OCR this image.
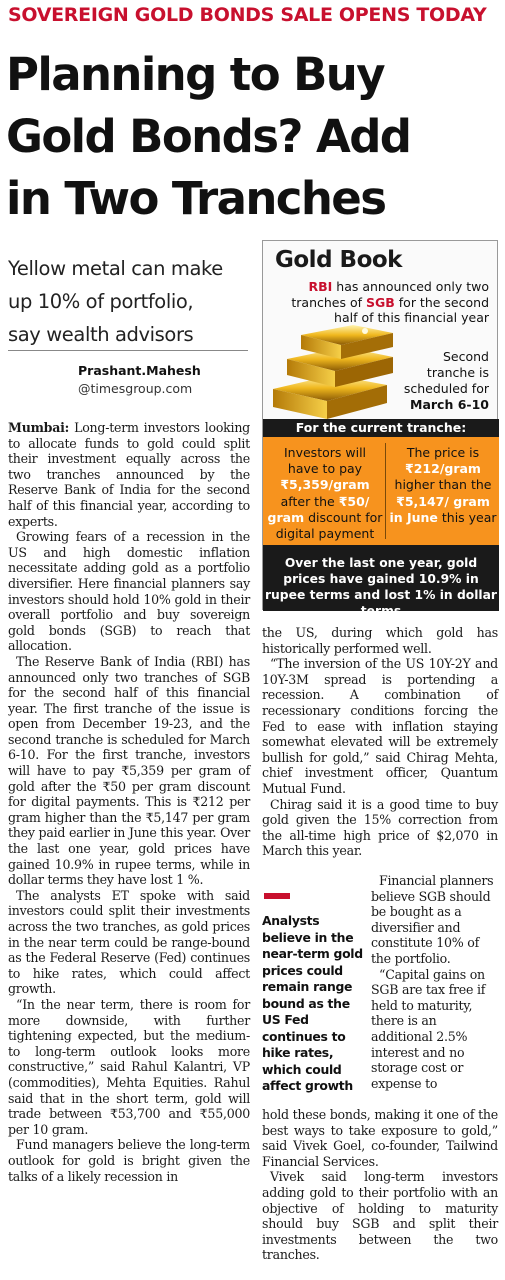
SOVEREIGN GOLD BONDS SALE OPENS TODAY
Planning to Buy
Gold Bonds? Add
in Two Tranches
Yellow metal can make
up 10% of portfolio,
say wealth advisors
Prashant.Mahesh
@timesgroup.com
Gold Book
RBI has announced only two tranches of SGB for the second half of this financial year
Second tranche is scheduled for March 6-10
For the current tranche:
Investors will have to pay ₹5,359/gram after the ₹50/ gram discount for digital payment
The price is ₹212/gram higher than the ₹5,147/ gram in June this year
Over the last one year, gold prices have gained 10.9% in rupee terms and lost 1% in dollar terms

Mumbai: Long-term investors looking to allocate funds to gold could split their investment equally across the two tranches announced by the Reserve Bank of India for the second half of this financial year, according to experts.

Growing fears of a recession in the US and high domestic inflation necessitate adding gold as a portfolio diversifier. Here financial planners say investors should hold 10% gold in their overall portfolio and buy sovereign gold bonds (SGB) to reach that allocation.

The Reserve Bank of India (RBI) has announced only two tranches of SGB for the second half of this financial year. The first tranche of the issue is open from December 19-23, and the second tranche is scheduled for March 6-10. For the first tranche, investors will have to pay ₹5,359 per gram of gold after the ₹50 per gram discount for digital payments. This is ₹212 per gram higher than the ₹5,147 per gram they paid earlier in June this year. Over the last one year, gold prices have gained 10.9% in rupee terms, while in dollar terms they have lost 1 %.

The analysts ET spoke with said investors could split their investments across the two tranches, as gold prices in the near term could be range-bound as the Federal Reserve (Fed) continues to hike rates, which could affect growth.

“In the near term, there is room for more downside, with further tightening expected, but the medium- to long-term outlook looks more constructive,” said Rahul Kalantri, VP (commodities), Mehta Equities. Rahul said that in the short term, gold will trade between ₹53,700 and ₹55,000 per 10 gram.

Fund managers believe the long-term outlook for gold is bright given the talks of a likely recession in

the US, during which gold has historically performed well.

“The inversion of the US 10Y-2Y and 10Y-3M spread is portending a recession. A combination of recessionary conditions forcing the Fed to ease with inflation staying somewhat elevated will be extremely bullish for gold,” said Chirag Mehta, chief investment officer, Quantum Mutual Fund.

Chirag said it is a good time to buy gold given the 15% correction from the all-time high price of $2,070 in March this year.

Analysts believe in the near-term gold prices could remain range bound as the US Fed continues to hike rates, which could affect growth

Financial planners believe SGB should be bought as a diversifier and constitute 10% of the portfolio.

“Capital gains on SGB are tax free if held to maturity, there is an additional 2.5% interest and no storage cost or expense to

hold these bonds, making it one of the best ways to take exposure to gold,” said Vivek Goel, co-founder, Tailwind Financial Services.

Vivek said long-term investors adding gold to their portfolio with an objective of holding to maturity should buy SGB and split their investments between the two tranches.
